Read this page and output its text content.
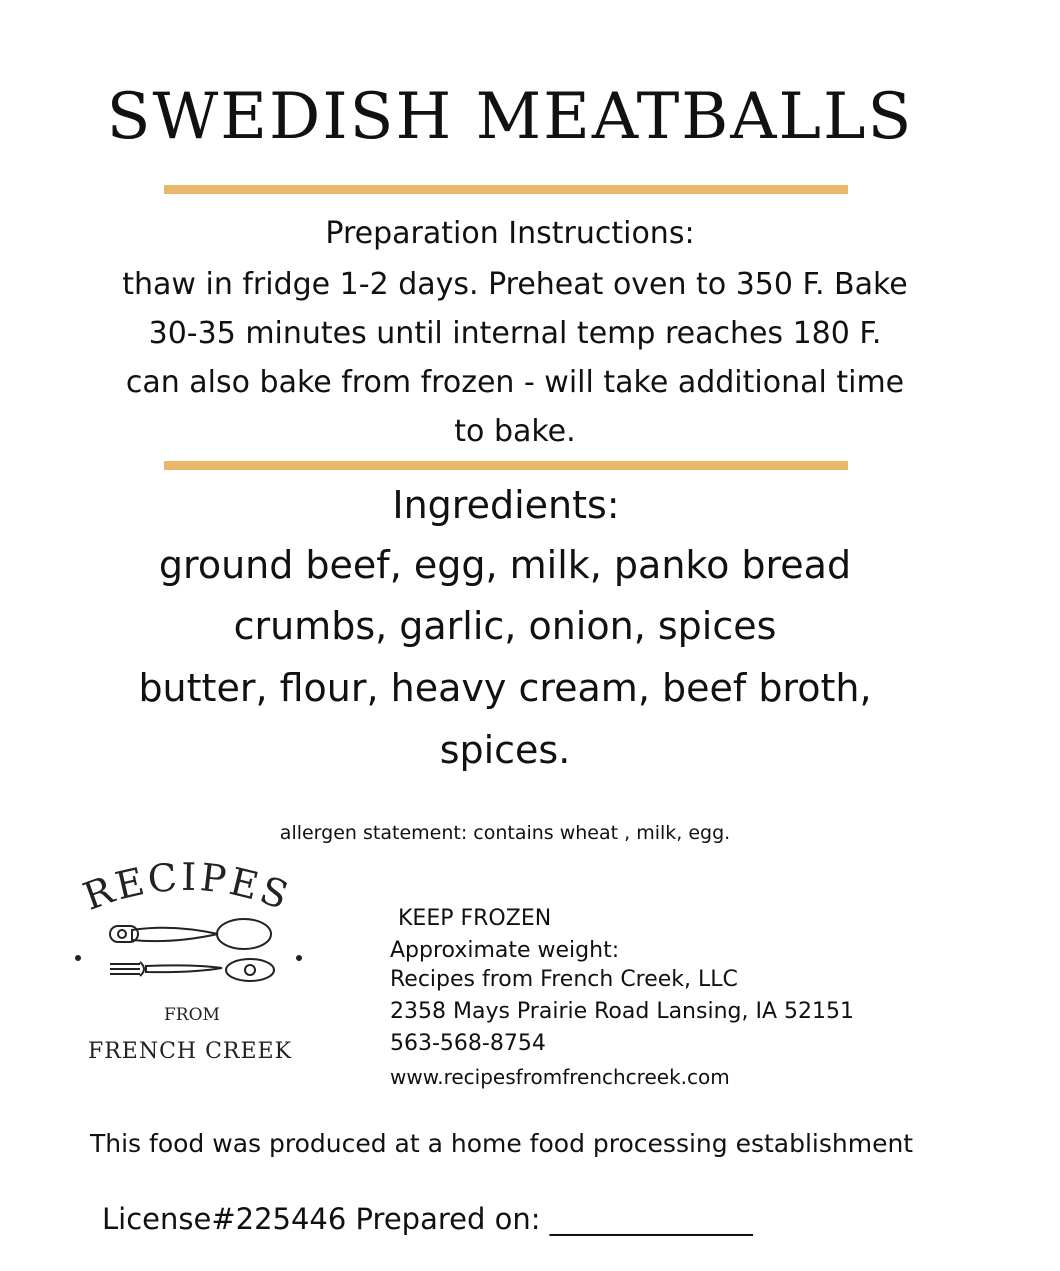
SWEDISH MEATBALLS
Preparation Instructions:
thaw in fridge 1-2 days. Preheat oven to 350 F. Bake
30-35 minutes until internal temp reaches 180 F.
can also bake from frozen - will take additional time
to bake.
Ingredients:
ground beef, egg, milk, panko bread
crumbs, garlic, onion, spices
butter, flour, heavy cream, beef broth,
spices.
allergen statement: contains wheat , milk, egg.
RECIPES
FROM
FRENCH CREEK
KEEP FROZEN
Approximate weight:
Recipes from French Creek, LLC
2358 Mays Prairie Road Lansing, IA 52151
563-568-8754
www.recipesfromfrenchcreek.com
This food was produced at a home food processing establishment
License#225446 Prepared on: ______________
